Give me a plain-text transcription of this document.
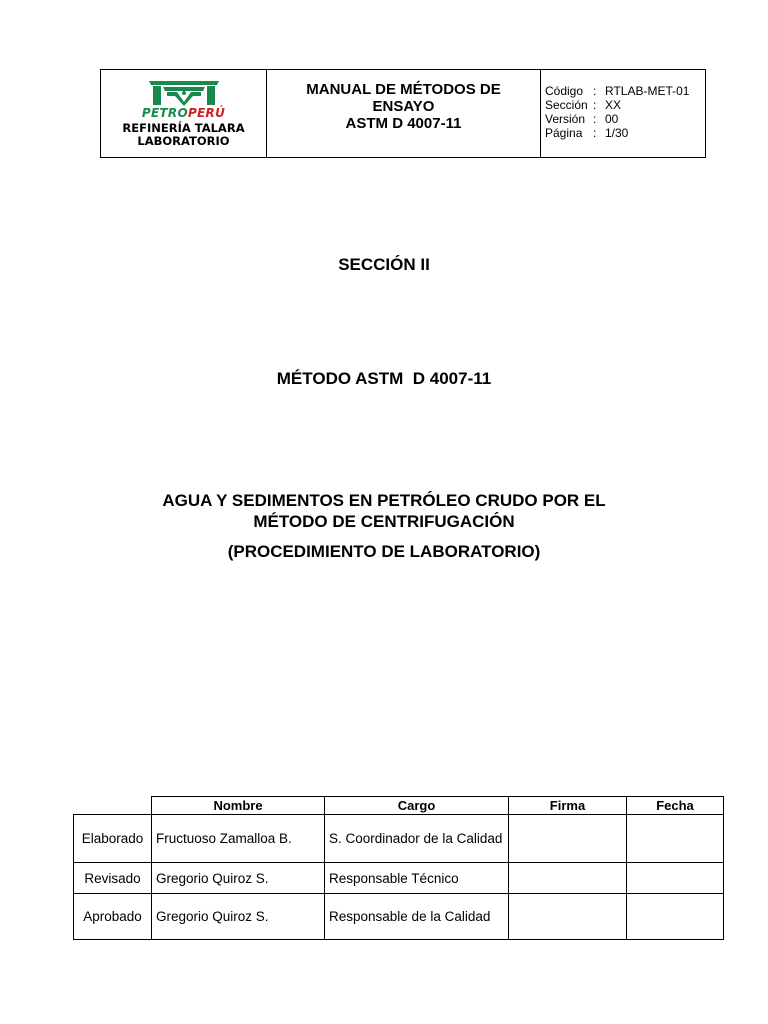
PETROPERÚ
REFINERÍA TALARA
LABORATORIO
MANUAL DE MÉTODOS DE
ENSAYO
ASTM D 4007-11
Código : RTLAB-MET-01
Sección : XX
Versión : 00
Página : 1/30
SECCIÓN II
MÉTODO ASTM  D 4007-11
AGUA Y SEDIMENTOS EN PETRÓLEO CRUDO POR EL
MÉTODO DE CENTRIFUGACIÓN
(PROCEDIMIENTO DE LABORATORIO)
	Nombre	Cargo	Firma	Fecha
Elaborado	Fructuoso Zamalloa B.	S. Coordinador de la Calidad		
Revisado	Gregorio Quiroz S.	Responsable Técnico		
Aprobado	Gregorio Quiroz S.	Responsable de la Calidad		
